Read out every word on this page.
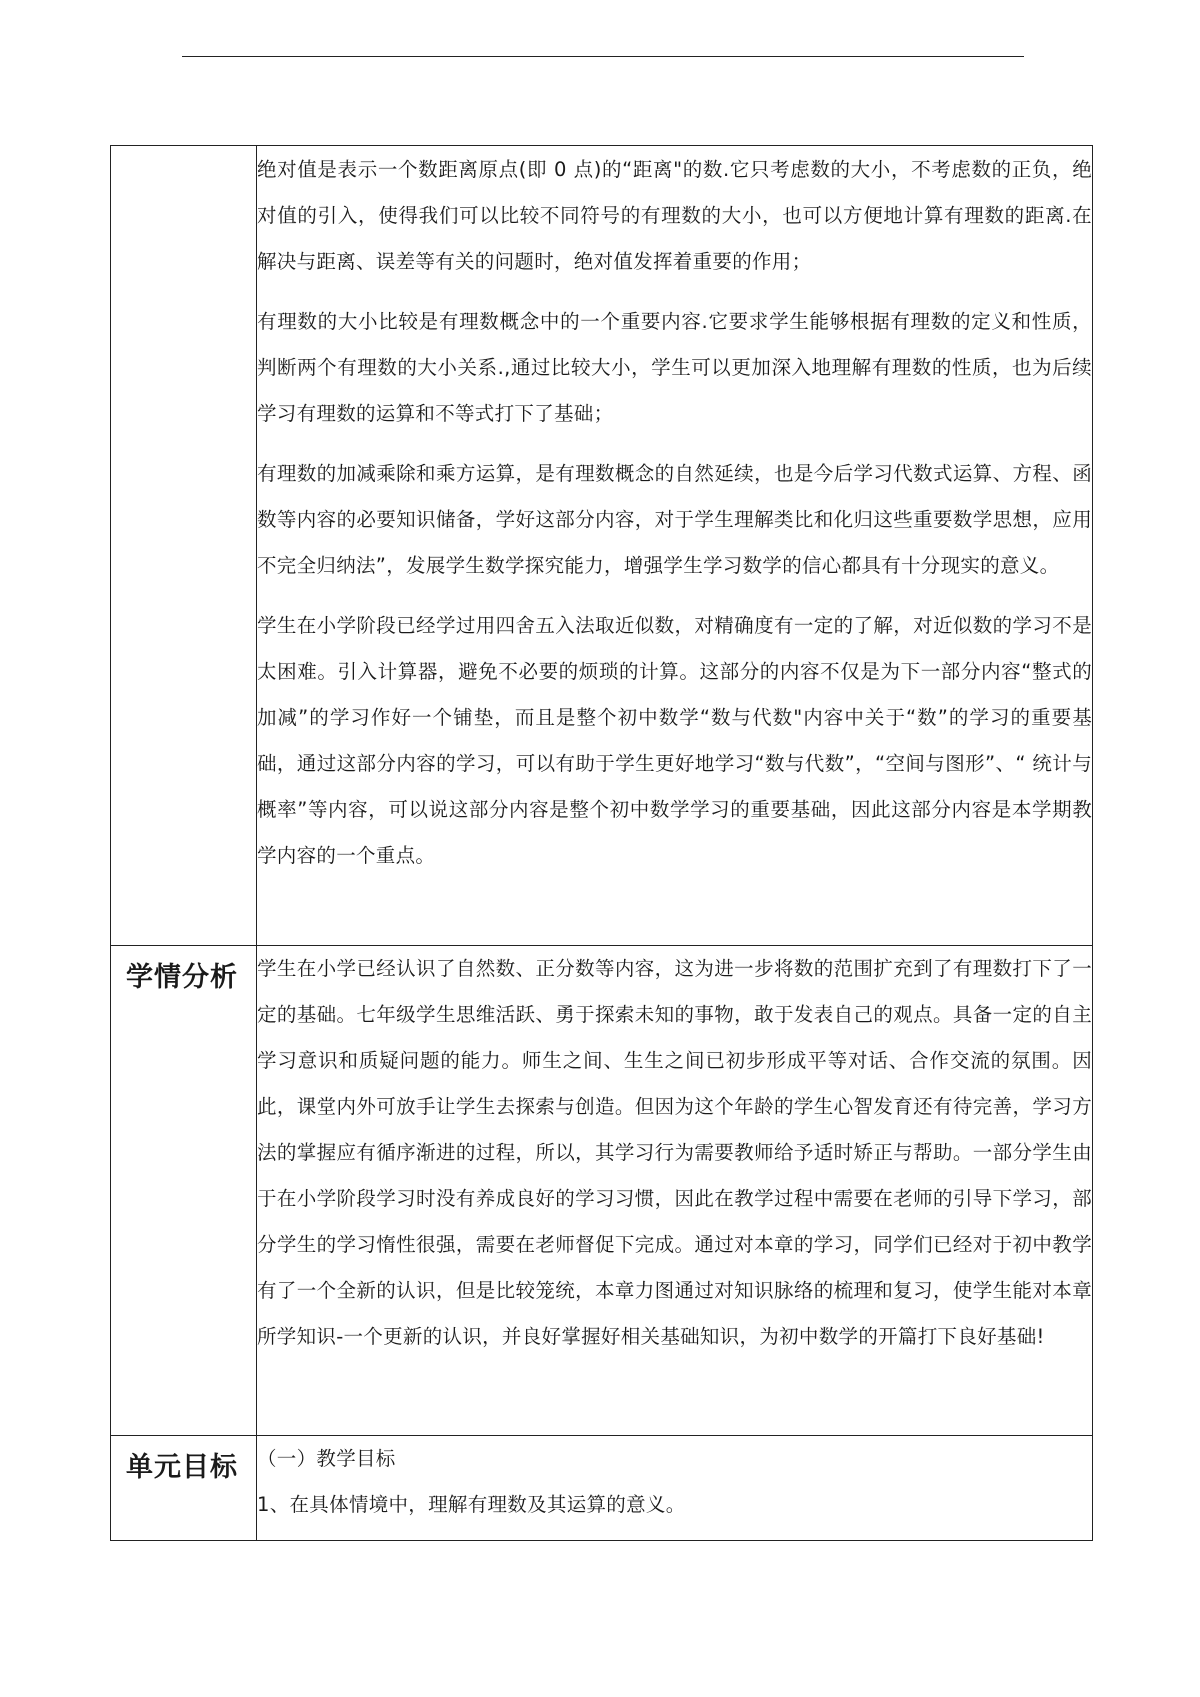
	绝对值是表示一个数距离原点(即 0 点)的“距离"的数.它只考虑数的大小，不考虑数的正负，绝对值的引入，使得我们可以比较不同符号的有理数的大小，也可以方便地计算有理数的距离.在解决与距离、误差等有关的问题时，绝对值发挥着重要的作用；

有理数的大小比较是有理数概念中的一个重要内容.它要求学生能够根据有理数的定义和性质，判断两个有理数的大小关系.,通过比较大小，学生可以更加深入地理解有理数的性质，也为后续学习有理数的运算和不等式打下了基础；

有理数的加减乘除和乘方运算，是有理数概念的自然延续，也是今后学习代数式运算、方程、函数等内容的必要知识储备，学好这部分内容，对于学生理解类比和化归这些重要数学思想，应用不完全归纳法”，发展学生数学探究能力，增强学生学习数学的信心都具有十分现实的意义。

学生在小学阶段已经学过用四舍五入法取近似数，对精确度有一定的了解，对近似数的学习不是太困难。引入计算器，避免不必要的烦琐的计算。这部分的内容不仅是为下一部分内容“整式的加减”的学习作好一个铺垫，而且是整个初中数学“数与代数"内容中关于“数”的学习的重要基础，通过这部分内容的学习，可以有助于学生更好地学习“数与代数”，“空间与图形”、“ 统计与概率”等内容，可以说这部分内容是整个初中数学学习的重要基础，因此这部分内容是本学期教学内容的一个重点。

学情分析	学生在小学已经认识了自然数、正分数等内容，这为进一步将数的范围扩充到了有理数打下了一定的基础。七年级学生思维活跃、勇于探索未知的事物，敢于发表自己的观点。具备一定的自主学习意识和质疑问题的能力。师生之间、生生之间已初步形成平等对话、合作交流的氛围。因此，课堂内外可放手让学生去探索与创造。但因为这个年龄的学生心智发育还有待完善，学习方法的掌握应有循序渐进的过程，所以，其学习行为需要教师给予适时矫正与帮助。一部分学生由于在小学阶段学习时没有养成良好的学习习惯，因此在教学过程中需要在老师的引导下学习，部分学生的学习惰性很强，需要在老师督促下完成。通过对本章的学习，同学们已经对于初中教学有了一个全新的认识，但是比较笼统，本章力图通过对知识脉络的梳理和复习，使学生能对本章所学知识-一个更新的认识，并良好掌握好相关基础知识，为初中数学的开篇打下良好基础!

单元目标	（一）教学目标

1、在具体情境中，理解有理数及其运算的意义。
